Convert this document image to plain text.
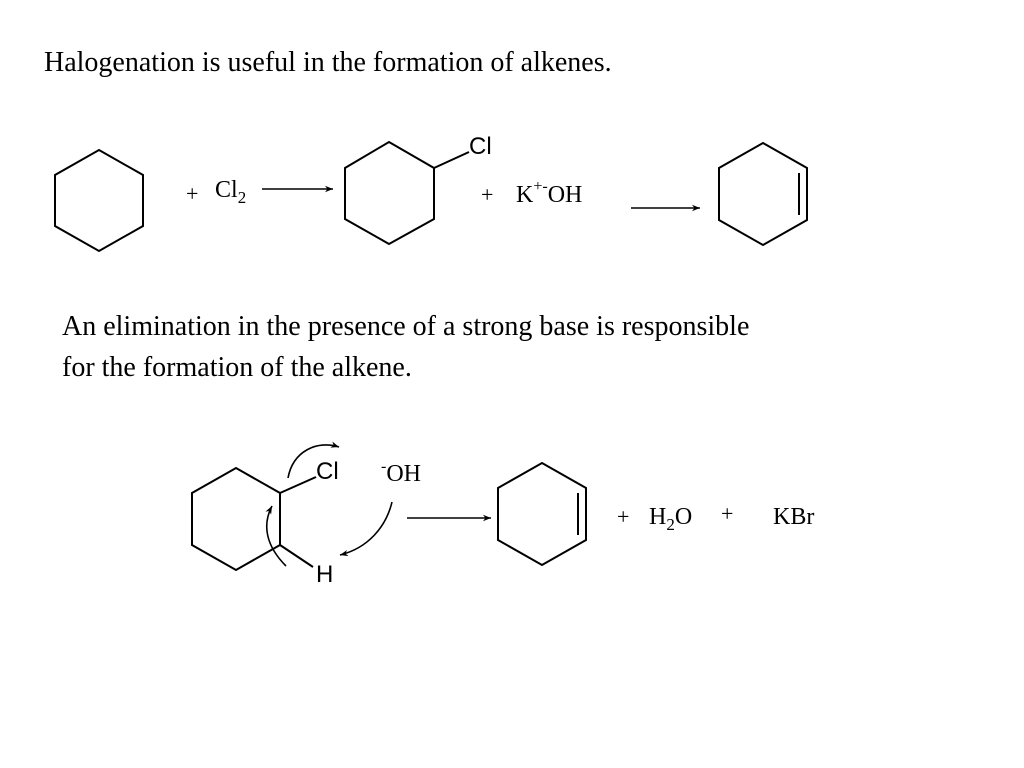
Halogenation is useful in the formation of alkenes.

An elimination in the presence of a strong base is responsible
for the formation of the alkene.

+ $Cl_2$
Cl
+ K+-OH
Cl
H
-OH
+ $H_2O$ + KBr
